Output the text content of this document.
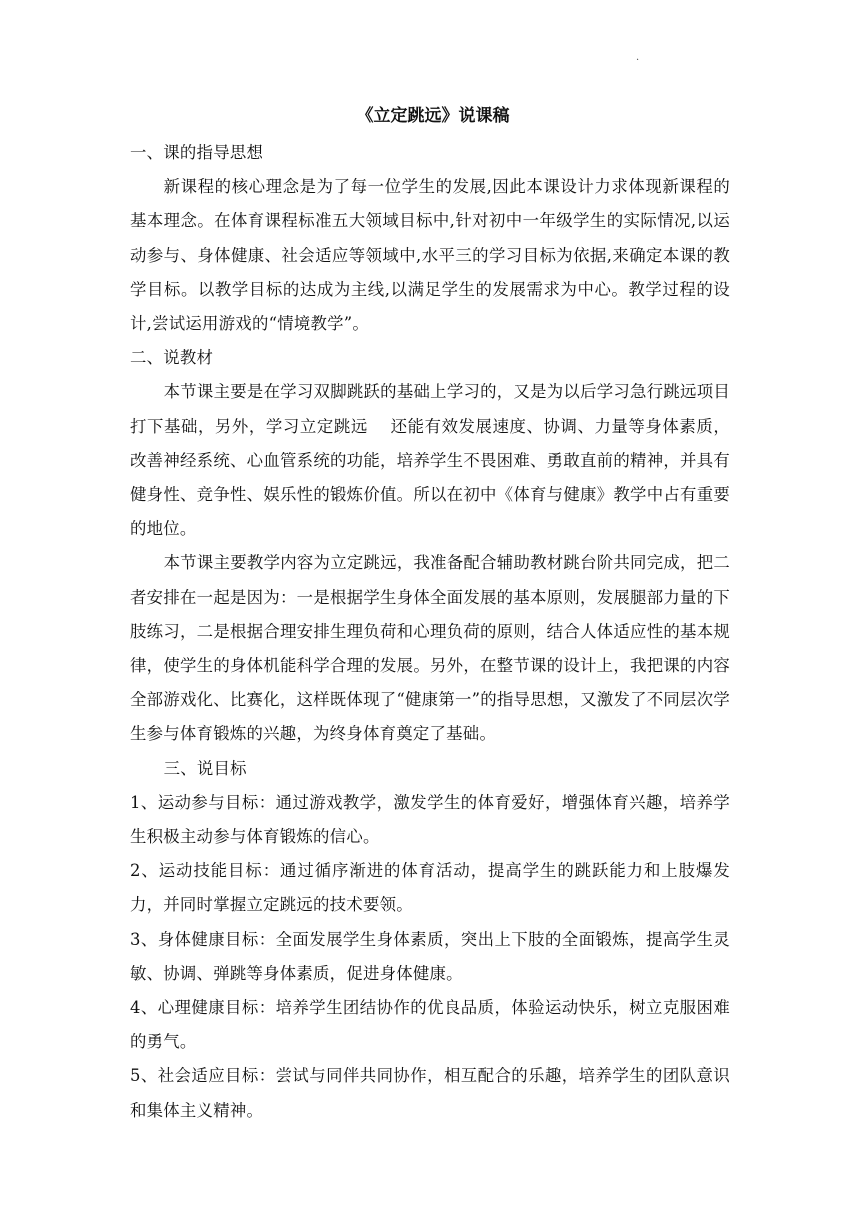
·
《立定跳远》说课稿

一、课的指导思想

新课程的核心理念是为了每一位学生的发展,因此本课设计力求体现新课程的基本理念。在体育课程标准五大领域目标中,针对初中一年级学生的实际情况,以运动参与、身体健康、社会适应等领域中,水平三的学习目标为依据,来确定本课的教学目标。以教学目标的达成为主线,以满足学生的发展需求为中心。教学过程的设计,尝试运用游戏的“情境教学”。

二、说教材

本节课主要是在学习双脚跳跃的基础上学习的，又是为以后学习急行跳远项目打下基础，另外，学习立定跳远　 还能有效发展速度、协调、力量等身体素质，改善神经系统、心血管系统的功能，培养学生不畏困难、勇敢直前的精神，并具有健身性、竞争性、娱乐性的锻炼价值。所以在初中《体育与健康》教学中占有重要的地位。

本节课主要教学内容为立定跳远，我准备配合辅助教材跳台阶共同完成，把二者安排在一起是因为：一是根据学生身体全面发展的基本原则，发展腿部力量的下肢练习，二是根据合理安排生理负荷和心理负荷的原则，结合人体适应性的基本规律，使学生的身体机能科学合理的发展。另外，在整节课的设计上，我把课的内容全部游戏化、比赛化，这样既体现了“健康第一”的指导思想，又激发了不同层次学生参与体育锻炼的兴趣，为终身体育奠定了基础。

三、说目标

1、运动参与目标：通过游戏教学，激发学生的体育爱好，增强体育兴趣，培养学生积极主动参与体育锻炼的信心。

2、运动技能目标：通过循序渐进的体育活动，提高学生的跳跃能力和上肢爆发力，并同时掌握立定跳远的技术要领。

3、身体健康目标：全面发展学生身体素质，突出上下肢的全面锻炼，提高学生灵敏、协调、弹跳等身体素质，促进身体健康。

4、心理健康目标：培养学生团结协作的优良品质，体验运动快乐，树立克服困难的勇气。

5、社会适应目标：尝试与同伴共同协作，相互配合的乐趣，培养学生的团队意识和集体主义精神。
